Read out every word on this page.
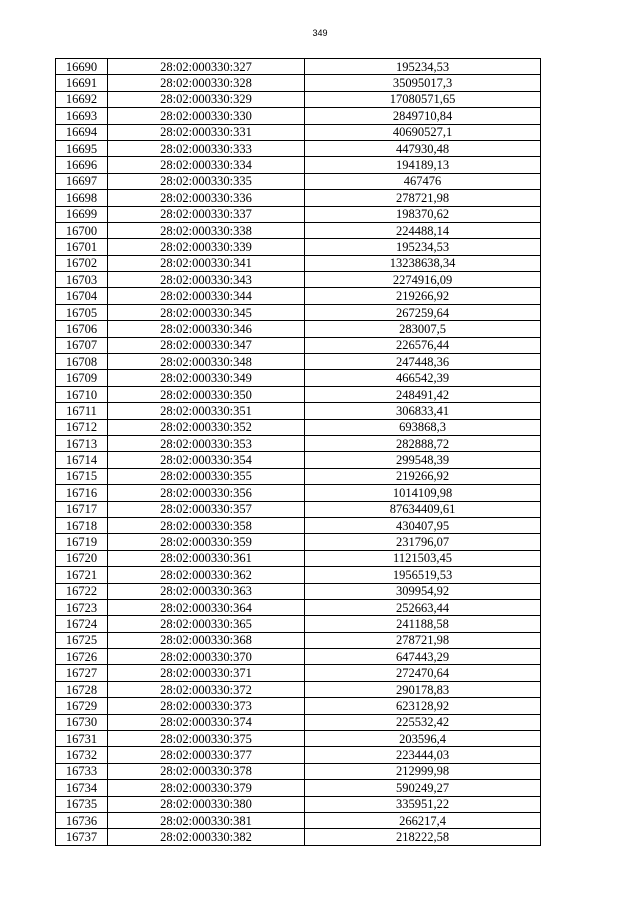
349
16690	28:02:000330:327	195234,53
16691	28:02:000330:328	35095017,3
16692	28:02:000330:329	17080571,65
16693	28:02:000330:330	2849710,84
16694	28:02:000330:331	40690527,1
16695	28:02:000330:333	447930,48
16696	28:02:000330:334	194189,13
16697	28:02:000330:335	467476
16698	28:02:000330:336	278721,98
16699	28:02:000330:337	198370,62
16700	28:02:000330:338	224488,14
16701	28:02:000330:339	195234,53
16702	28:02:000330:341	13238638,34
16703	28:02:000330:343	2274916,09
16704	28:02:000330:344	219266,92
16705	28:02:000330:345	267259,64
16706	28:02:000330:346	283007,5
16707	28:02:000330:347	226576,44
16708	28:02:000330:348	247448,36
16709	28:02:000330:349	466542,39
16710	28:02:000330:350	248491,42
16711	28:02:000330:351	306833,41
16712	28:02:000330:352	693868,3
16713	28:02:000330:353	282888,72
16714	28:02:000330:354	299548,39
16715	28:02:000330:355	219266,92
16716	28:02:000330:356	1014109,98
16717	28:02:000330:357	87634409,61
16718	28:02:000330:358	430407,95
16719	28:02:000330:359	231796,07
16720	28:02:000330:361	1121503,45
16721	28:02:000330:362	1956519,53
16722	28:02:000330:363	309954,92
16723	28:02:000330:364	252663,44
16724	28:02:000330:365	241188,58
16725	28:02:000330:368	278721,98
16726	28:02:000330:370	647443,29
16727	28:02:000330:371	272470,64
16728	28:02:000330:372	290178,83
16729	28:02:000330:373	623128,92
16730	28:02:000330:374	225532,42
16731	28:02:000330:375	203596,4
16732	28:02:000330:377	223444,03
16733	28:02:000330:378	212999,98
16734	28:02:000330:379	590249,27
16735	28:02:000330:380	335951,22
16736	28:02:000330:381	266217,4
16737	28:02:000330:382	218222,58
